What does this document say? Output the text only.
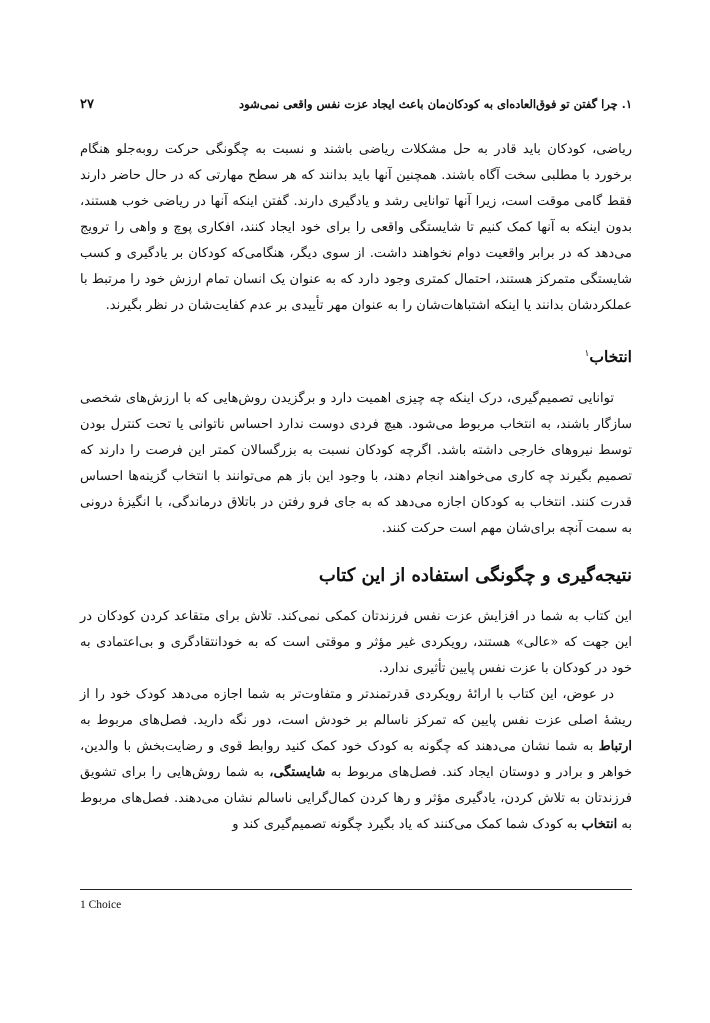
۱. چرا گفتن تو فوق‌العاده‌ای به کودکان‌مان باعث ایجاد عزت نفس واقعی نمی‌شود
۲۷

ریاضی، کودکان باید قادر به حل مشکلات ریاضی باشند و نسبت به چگونگی حرکت روبه‌جلو هنگام برخورد با مطلبی سخت آگاه باشند. همچنین آنها باید بدانند که هر سطح مهارتی که در حال حاضر دارند فقط گامی موقت است، زیرا آنها توانایی رشد و یادگیری دارند. گفتن اینکه آنها در ریاضی خوب هستند، بدون اینکه به آنها کمک کنیم تا شایستگی واقعی را برای خود ایجاد کنند، افکاری پوچ و واهی را ترویج می‌دهد که در برابر واقعیت دوام نخواهند داشت. از سوی دیگر، هنگامی‌که کودکان بر یادگیری و کسب شایستگی متمرکز هستند، احتمال کمتری وجود دارد که به عنوان یک انسان تمام ارزش خود را مرتبط با عملکردشان بدانند یا اینکه اشتباهات‌شان را به عنوان مهر تأییدی بر عدم کفایت‌شان در نظر بگیرند.

انتخاب$^۱$

توانایی تصمیم‌گیری، درک اینکه چه چیزی اهمیت دارد و برگزیدن روش‌هایی که با ارزش‌های شخصی سازگار باشند، به انتخاب مربوط می‌شود. هیچ فردی دوست ندارد احساس ناتوانی یا تحت کنترل بودن توسط نیروهای خارجی داشته باشد. اگرچه کودکان نسبت به بزرگسالان کمتر این فرصت را دارند که تصمیم بگیرند چه کاری می‌خواهند انجام دهند، با وجود این باز هم می‌توانند با انتخاب گزینه‌ها احساس قدرت کنند. انتخاب به کودکان اجازه می‌دهد که به جای فرو رفتن در باتلاق درماندگی، با انگیزهٔ درونی به سمت آنچه برای‌شان مهم است حرکت کنند.

نتیجه‌گیری و چگونگی استفاده از این کتاب

این کتاب به شما در افزایش عزت نفس فرزندتان کمکی نمی‌کند. تلاش برای متقاعد کردن کودکان در این جهت که «عالی» هستند، رویکردی غیر مؤثر و موقتی است که به خودانتقادگری و بی‌اعتمادی به خود در کودکان با عزت نفس پایین تأثیری ندارد.

در عوض، این کتاب با ارائهٔ رویکردی قدرتمندتر و متفاوت‌تر به شما اجازه می‌دهد کودک خود را از ریشهٔ اصلی عزت نفس پایین که تمرکز ناسالم بر خودش است، دور نگه دارید. فصل‌های مربوط به ارتباط به شما نشان می‌دهند که چگونه به کودک خود کمک کنید روابط قوی و رضایت‌بخش با والدین، خواهر و برادر و دوستان ایجاد کند. فصل‌های مربوط به شایستگی، به شما روش‌هایی را برای تشویق فرزندتان به تلاش کردن، یادگیری مؤثر و رها کردن کمال‌گرایی ناسالم نشان می‌دهند. فصل‌های مربوط به انتخاب به کودک شما کمک می‌کنند که یاد بگیرد چگونه تصمیم‌گیری کند و

1 Choice
